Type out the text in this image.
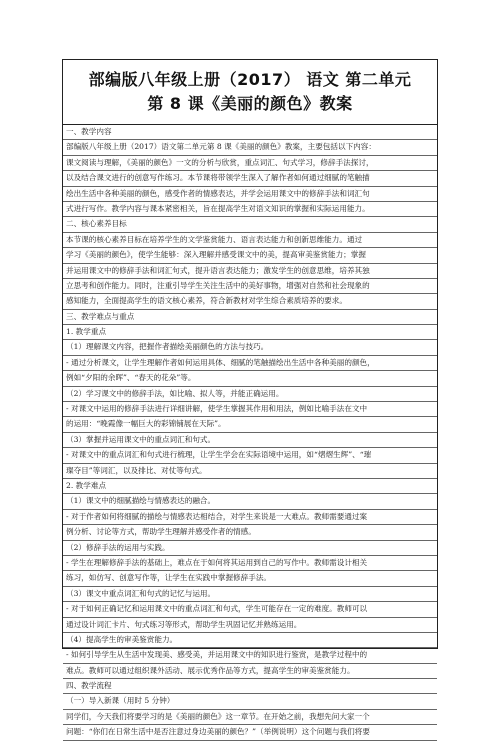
部编版八年级上册（2017） 语文 第二单元
第 8 课《美丽的颜色》教案
一、教学内容
部编版八年级上册（2017）语文第二单元第 8 课《美丽的颜色》教案，主要包括以下内容：
课文阅读与理解，《美丽的颜色》一文的分析与欣赏，重点词汇、句式学习，修辞手法探讨，
以及结合课文进行的创意写作练习。本节课将带领学生深入了解作者如何通过细腻的笔触描
绘出生活中各种美丽的颜色，感受作者的情感表达，并学会运用课文中的修辞手法和词汇句
式进行写作。教学内容与课本紧密相关，旨在提高学生对语文知识的掌握和实际运用能力。
二、核心素养目标
本节课的核心素养目标在培养学生的文学鉴赏能力、语言表达能力和创新思维能力。通过
学习《美丽的颜色》，使学生能够：深入理解并感受课文中的美，提高审美鉴赏能力；掌握
并运用课文中的修辞手法和词汇句式，提升语言表达能力；激发学生的创意思维，培养其独
立思考和创作能力。同时，注重引导学生关注生活中的美好事物，增强对自然和社会现象的
感知能力，全面提高学生的语文核心素养，符合新教材对学生综合素质培养的要求。
三、教学难点与重点
1. 教学重点
（1）理解课文内容，把握作者描绘美丽颜色的方法与技巧。
- 通过分析课文，让学生理解作者如何运用具体、细腻的笔触描绘出生活中各种美丽的颜色，
例如“夕阳的余晖”、“春天的花朵”等。
（2）学习课文中的修辞手法，如比喻、拟人等，并能正确运用。
- 对课文中运用的修辞手法进行详细讲解，使学生掌握其作用和用法，例如比喻手法在文中
的运用：“晚霞像一幅巨大的彩锦铺展在天际”。
（3）掌握并运用课文中的重点词汇和句式。
- 对课文中的重点词汇和句式进行梳理，让学生学会在实际语境中运用，如“熠熠生辉”、“璀
璨夺目”等词汇，以及排比、对仗等句式。
2. 教学难点
（1）课文中的细腻描绘与情感表达的融合。
- 对于作者如何将细腻的描绘与情感表达相结合，对学生来说是一大难点。教师需要通过案
例分析、讨论等方式，帮助学生理解并感受作者的情感。
（2）修辞手法的运用与实践。
- 学生在理解修辞手法的基础上，难点在于如何将其运用到自己的写作中。教师需设计相关
练习，如仿写、创意写作等，让学生在实践中掌握修辞手法。
（3）课文中重点词汇和句式的记忆与运用。
- 对于如何正确记忆和运用课文中的重点词汇和句式，学生可能存在一定的难度。教师可以
通过设计词汇卡片、句式练习等形式，帮助学生巩固记忆并熟练运用。
（4）提高学生的审美鉴赏能力。
- 如何引导学生从生活中发现美、感受美，并运用课文中的知识进行鉴赏，是教学过程中的
难点。教师可以通过组织课外活动、展示优秀作品等方式，提高学生的审美鉴赏能力。
四、教学流程
（一）导入新课（用时 5 分钟）
同学们，今天我们将要学习的是《美丽的颜色》这一章节。在开始之前，我想先问大家一个
问题：“你们在日常生活中是否注意过身边美丽的颜色？”（举例说明）这个问题与我们将要
